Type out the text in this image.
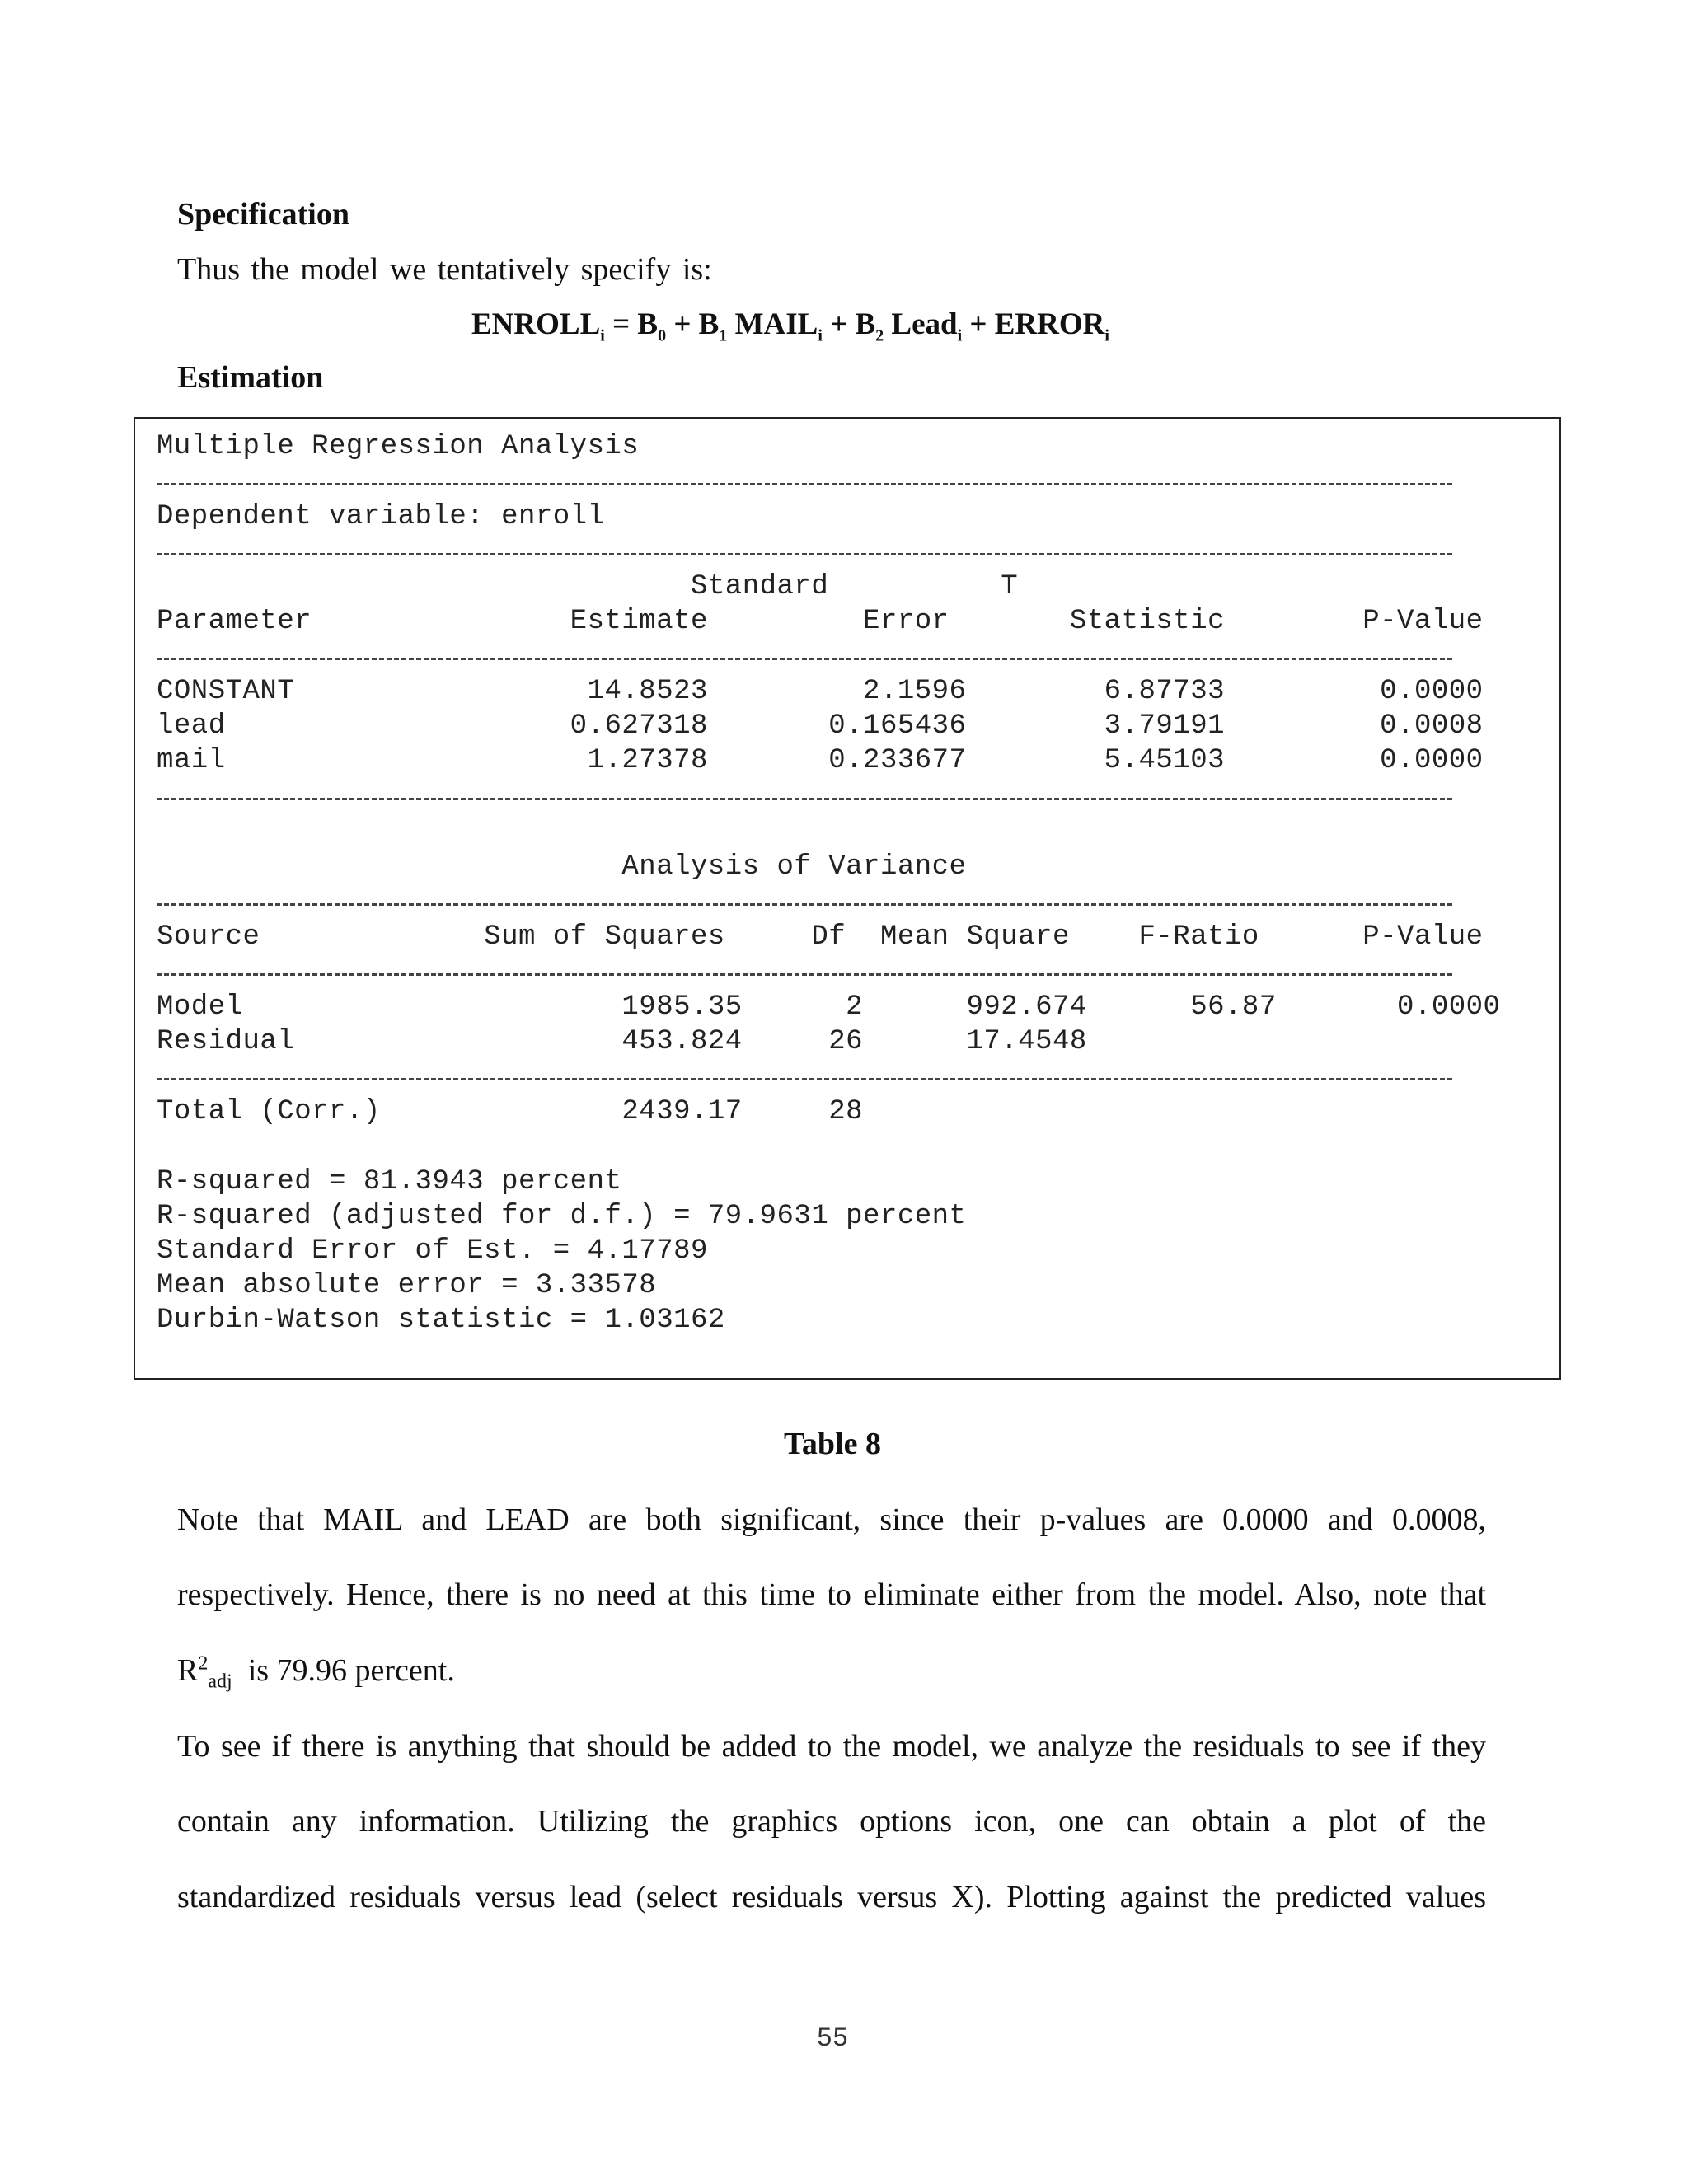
Specification
Thus the model we tentatively specify is:
$ENROLL_i = B_0 + B_1$ $MAIL_i + B_2$ Lead$_i$ + $ERROR_i$
Estimation
Multiple Regression Analysis
Dependent variable: enroll
Standard          T
Parameter               Estimate         Error       Statistic        P-Value
CONSTANT                 14.8523         2.1596        6.87733         0.0000
lead                    0.627318       0.165436        3.79191         0.0008
mail                     1.27378       0.233677        5.45103         0.0000
Analysis of Variance
Source             Sum of Squares     Df  Mean Square    F-Ratio      P-Value
Model                      1985.35      2      992.674      56.87       0.0000
Residual                   453.824     26      17.4548
Total (Corr.)              2439.17     28
R-squared = 81.3943 percent
R-squared (adjusted for d.f.) = 79.9631 percent
Standard Error of Est. = 4.17789
Mean absolute error = 3.33578
Durbin-Watson statistic = 1.03162
Table 8
Note that MAIL and LEAD are both significant, since their p-values are 0.0000 and 0.0008,
respectively. Hence, there is no need at this time to eliminate either from the model. Also, note that
$R^2_{adj}$  is 79.96 percent.
To see if there is anything that should be added to the model, we analyze the residuals to see if they
contain any information. Utilizing the graphics options icon, one can obtain a plot of the
standardized residuals versus lead (select residuals versus X). Plotting against the predicted values
55
